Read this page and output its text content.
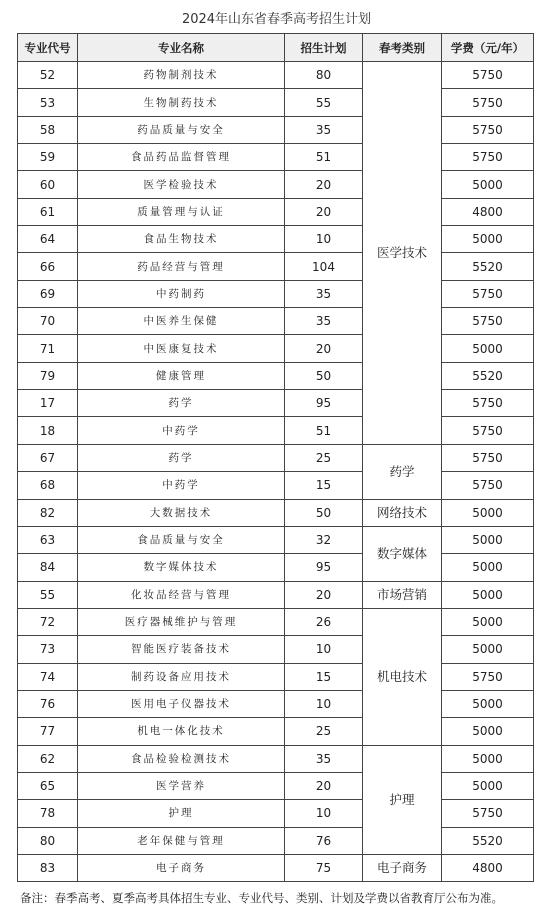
2024年山东省春季高考招生计划
专业代号	专业名称	招生计划	春考类别	学费（元/年）
52	药物制剂技术	80	医学技术	5750
53	生物制药技术	55		5750
58	药品质量与安全	35		5750
59	食品药品监督管理	51		5750
60	医学检验技术	20		5000
61	质量管理与认证	20		4800
64	食品生物技术	10		5000
66	药品经营与管理	104		5520
69	中药制药	35		5750
70	中医养生保健	35		5750
71	中医康复技术	20		5000
79	健康管理	50		5520
17	药学	95		5750
18	中药学	51		5750
67	药学	25	药学	5750
68	中药学	15		5750
82	大数据技术	50	网络技术	5000
63	食品质量与安全	32	数字媒体	5000
84	数字媒体技术	95		5000
55	化妆品经营与管理	20	市场营销	5000
72	医疗器械维护与管理	26	机电技术	5000
73	智能医疗装备技术	10		5000
74	制药设备应用技术	15		5750
76	医用电子仪器技术	10		5000
77	机电一体化技术	25		5000
62	食品检验检测技术	35	护理	5000
65	医学营养	20		5000
78	护理	10		5750
80	老年保健与管理	76		5520
83	电子商务	75	电子商务	4800
备注：春季高考、夏季高考具体招生专业、专业代号、类别、计划及学费以省教育厅公布为准。
